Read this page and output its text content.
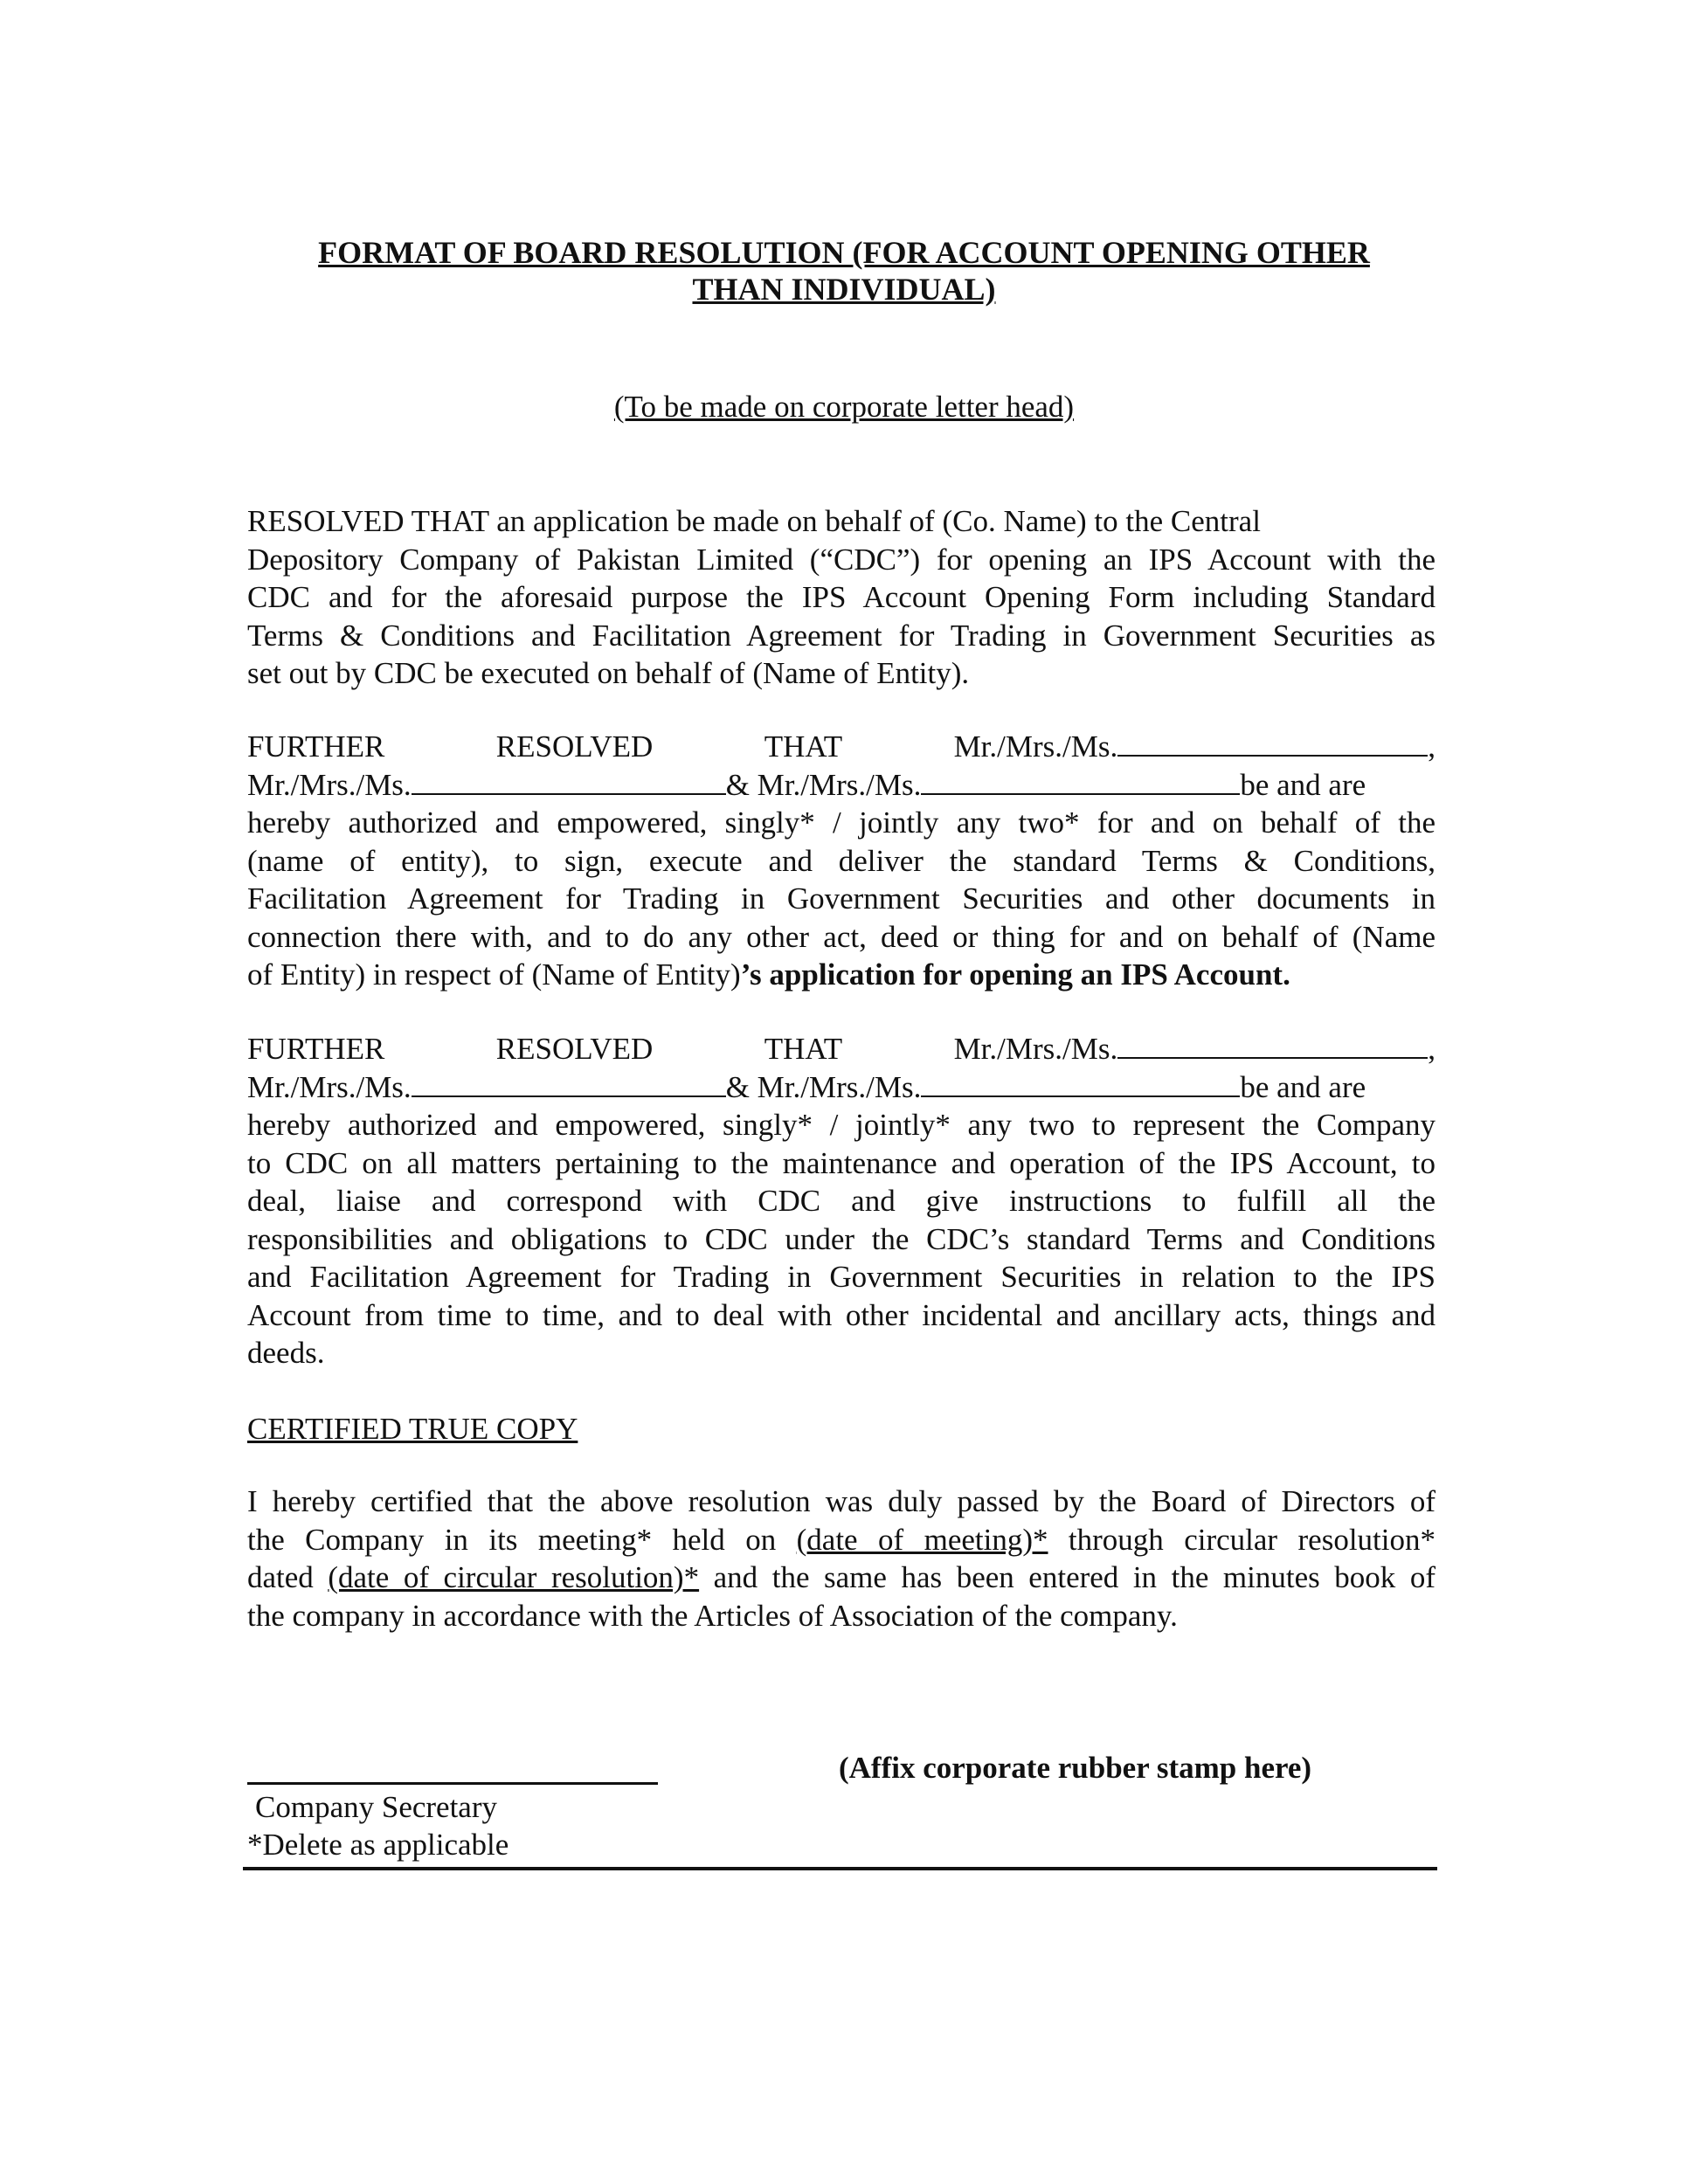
FORMAT OF BOARD RESOLUTION (FOR ACCOUNT OPENING OTHER
THAN INDIVIDUAL)
(To be made on corporate letter head)
RESOLVED THAT an application be made on behalf of (Co. Name) to the Central
Depository Company of Pakistan Limited (“CDC”) for opening an IPS Account with the
CDC and for the aforesaid purpose the IPS Account Opening Form including Standard
Terms & Conditions and Facilitation Agreement for Trading in Government Securities as
set out by CDC be executed on behalf of (Name of Entity).
FURTHER	RESOLVED	THAT	Mr./Mrs./Ms.	,
Mr./Mrs./Ms.	& Mr./Mrs./Ms.	be and are
hereby authorized and empowered, singly* / jointly any two* for and on behalf of the
(name of entity), to sign, execute and deliver the standard Terms & Conditions,
Facilitation Agreement for Trading in Government Securities and other documents in
connection there with, and to do any other act, deed or thing for and on behalf of (Name
of Entity) in respect of (Name of Entity)’s application for opening an IPS Account.
FURTHER	RESOLVED	THAT	Mr./Mrs./Ms.	,
Mr./Mrs./Ms.	& Mr./Mrs./Ms.	be and are
hereby authorized and empowered, singly* / jointly* any two to represent the Company
to CDC on all matters pertaining to the maintenance and operation of the IPS Account, to
deal, liaise and correspond with CDC and give instructions to fulfill all the
responsibilities and obligations to CDC under the CDC’s standard Terms and Conditions
and Facilitation Agreement for Trading in Government Securities in relation to the IPS
Account from time to time, and to deal with other incidental and ancillary acts, things and
deeds.
CERTIFIED TRUE COPY
I hereby certified that the above resolution was duly passed by the Board of Directors of
the Company in its meeting* held on (date of meeting)* through circular resolution*
dated (date of circular resolution)* and the same has been entered in the minutes book of
the company in accordance with the Articles of Association of the company.
(Affix corporate rubber stamp here)
Company Secretary
*Delete as applicable
